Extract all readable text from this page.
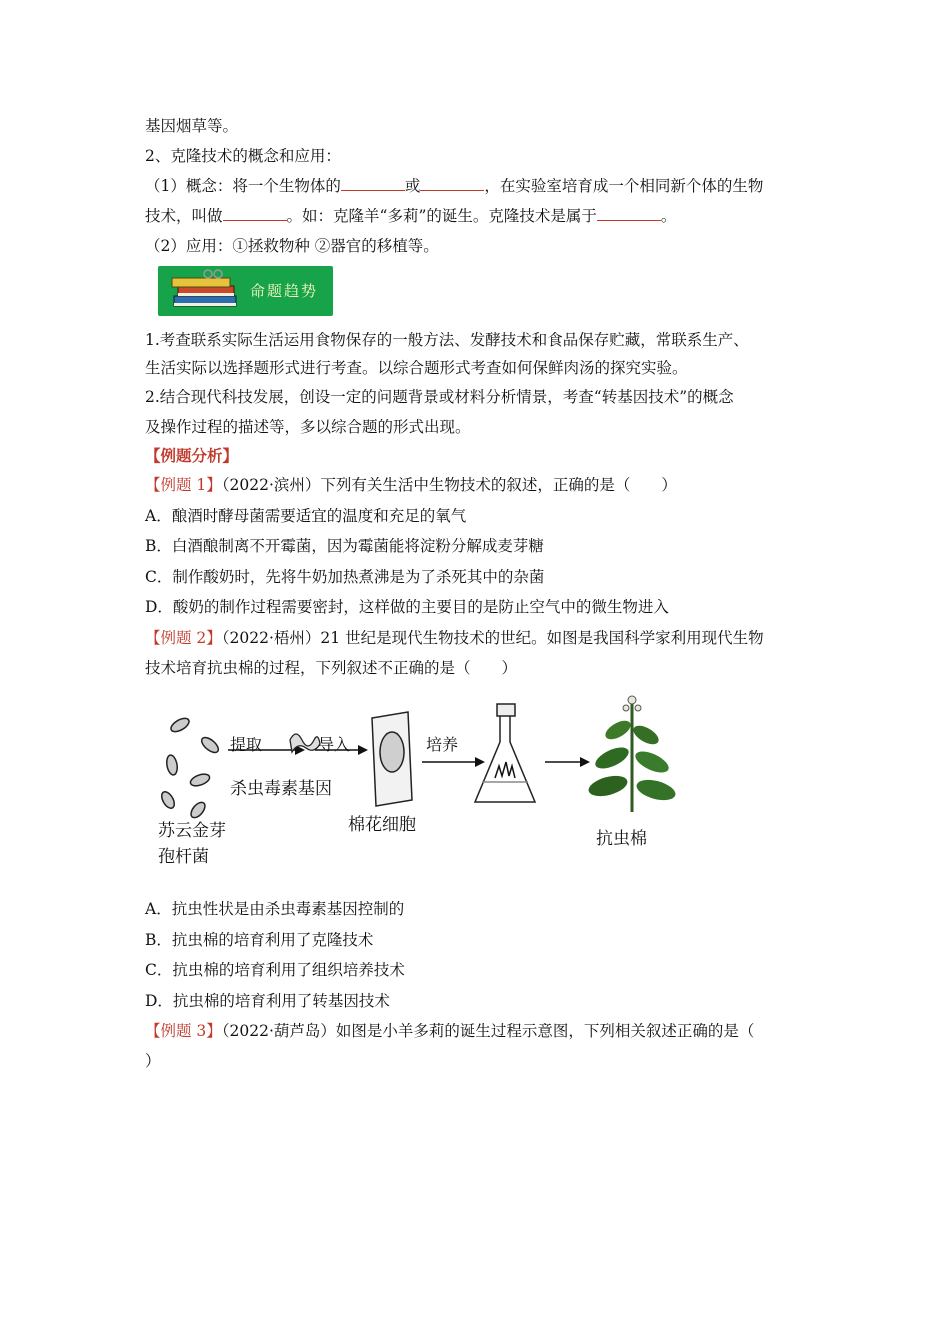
基因烟草等。
2、克隆技术的概念和应用：
（1）概念：将一个生物体的	或	，在实验室培育成一个相同新个体的生物
技术，叫做	。如：克隆羊“多莉”的诞生。克隆技术是属于	。
（2）应用：①拯救物种 ②器官的移植等。
命题趋势
1.考查联系实际生活运用食物保存的一般方法、发酵技术和食品保存贮藏，常联系生产、
生活实际以选择题形式进行考查。以综合题形式考查如何保鲜肉汤的探究实验。
2.结合现代科技发展，创设一定的问题背景或材料分析情景，考查“转基因技术”的概念
及操作过程的描述等，多以综合题的形式出现。
【例题分析】
【例题 1】（2022·滨州）下列有关生活中生物技术的叙述，正确的是（　　）
A．酿酒时酵母菌需要适宜的温度和充足的氧气
B．白酒酿制离不开霉菌，因为霉菌能将淀粉分解成麦芽糖
C．制作酸奶时，先将牛奶加热煮沸是为了杀死其中的杂菌
D．酸奶的制作过程需要密封，这样做的主要目的是防止空气中的微生物进入
【例题 2】（2022·梧州）21 世纪是现代生物技术的世纪。如图是我国科学家利用现代生物
技术培育抗虫棉的过程，下列叙述不正确的是（　　）
提取
杀虫毒素基因
导入
棉花细胞
培养
苏云金芽
孢杆菌
抗虫棉
A．抗虫性状是由杀虫毒素基因控制的
B．抗虫棉的培育利用了克隆技术
C．抗虫棉的培育利用了组织培养技术
D．抗虫棉的培育利用了转基因技术
【例题 3】（2022·葫芦岛）如图是小羊多莉的诞生过程示意图，下列相关叙述正确的是（
）
